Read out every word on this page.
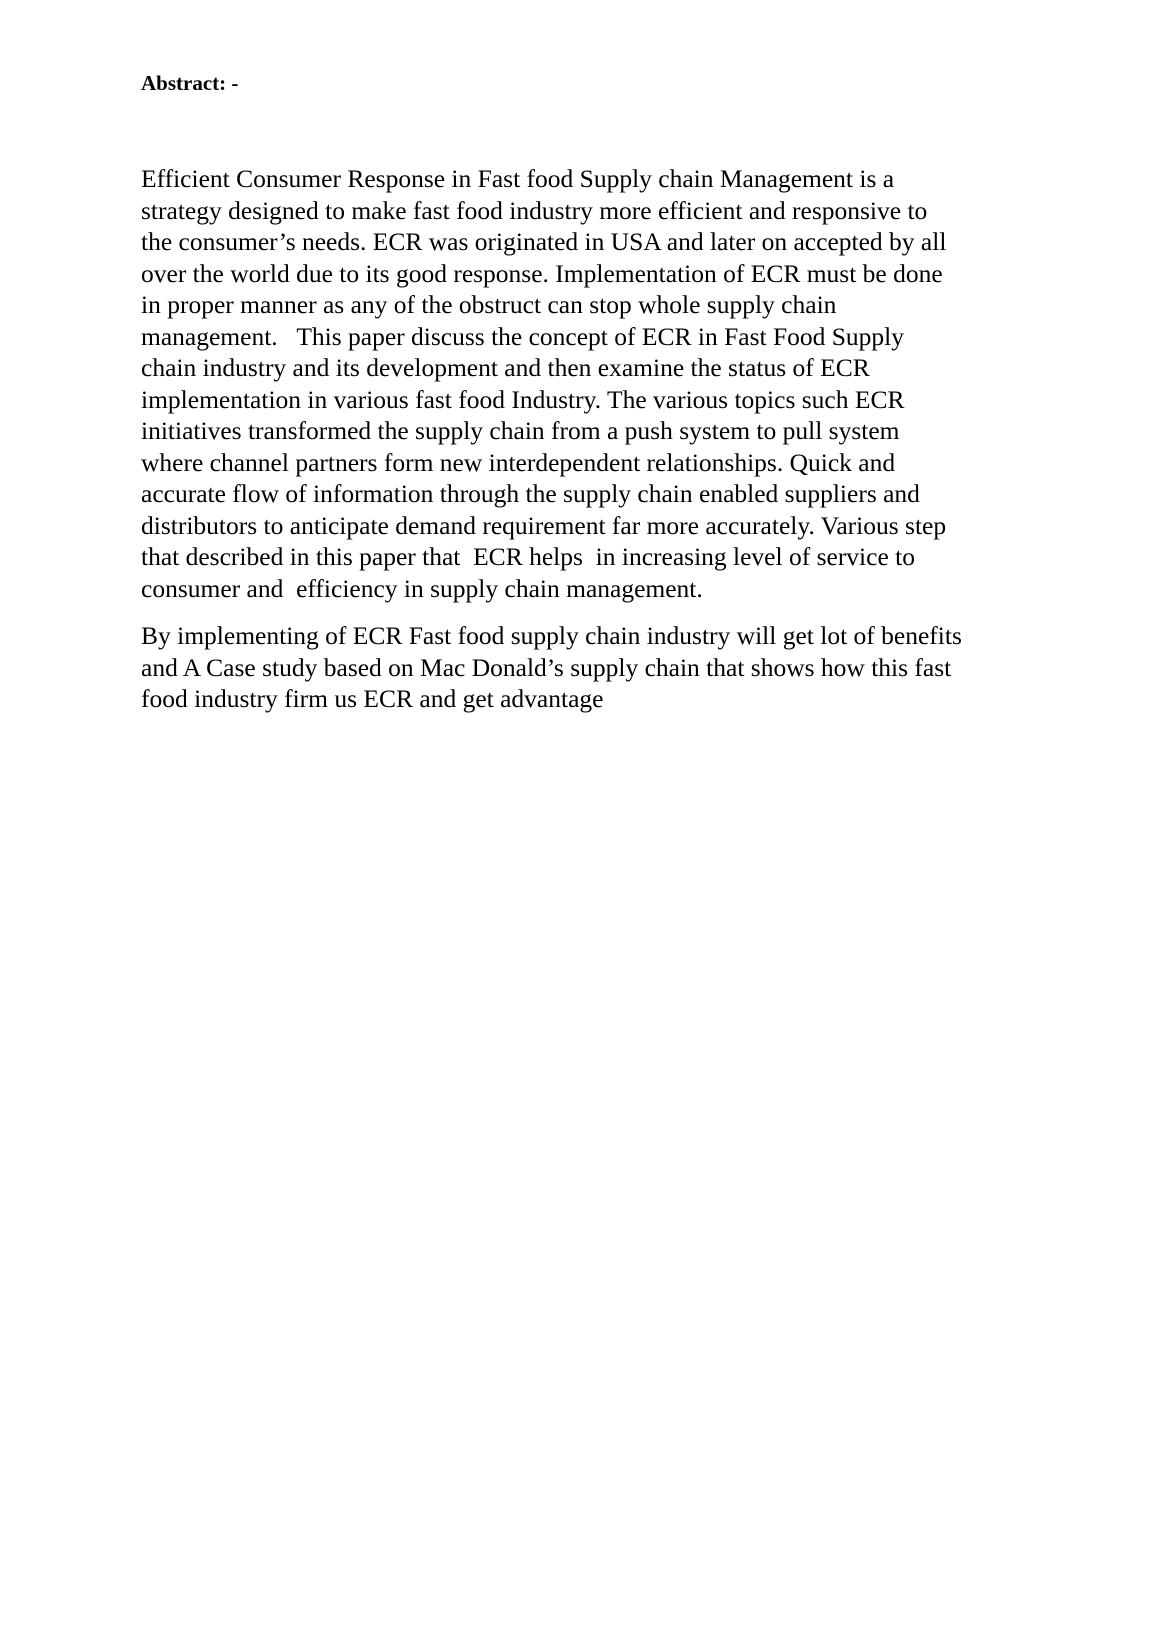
Abstract: -

Efficient Consumer Response in Fast food Supply chain Management is a
strategy designed to make fast food industry more efficient and responsive to
the consumer’s needs. ECR was originated in USA and later on accepted by all
over the world due to its good response. Implementation of ECR must be done
in proper manner as any of the obstruct can stop whole supply chain
management.   This paper discuss the concept of ECR in Fast Food Supply
chain industry and its development and then examine the status of ECR
implementation in various fast food Industry. The various topics such ECR
initiatives transformed the supply chain from a push system to pull system
where channel partners form new interdependent relationships. Quick and
accurate flow of information through the supply chain enabled suppliers and
distributors to anticipate demand requirement far more accurately. Various step
that described in this paper that  ECR helps  in increasing level of service to
consumer and  efficiency in supply chain management.

By implementing of ECR Fast food supply chain industry will get lot of benefits
and A Case study based on Mac Donald’s supply chain that shows how this fast
food industry firm us ECR and get advantage
